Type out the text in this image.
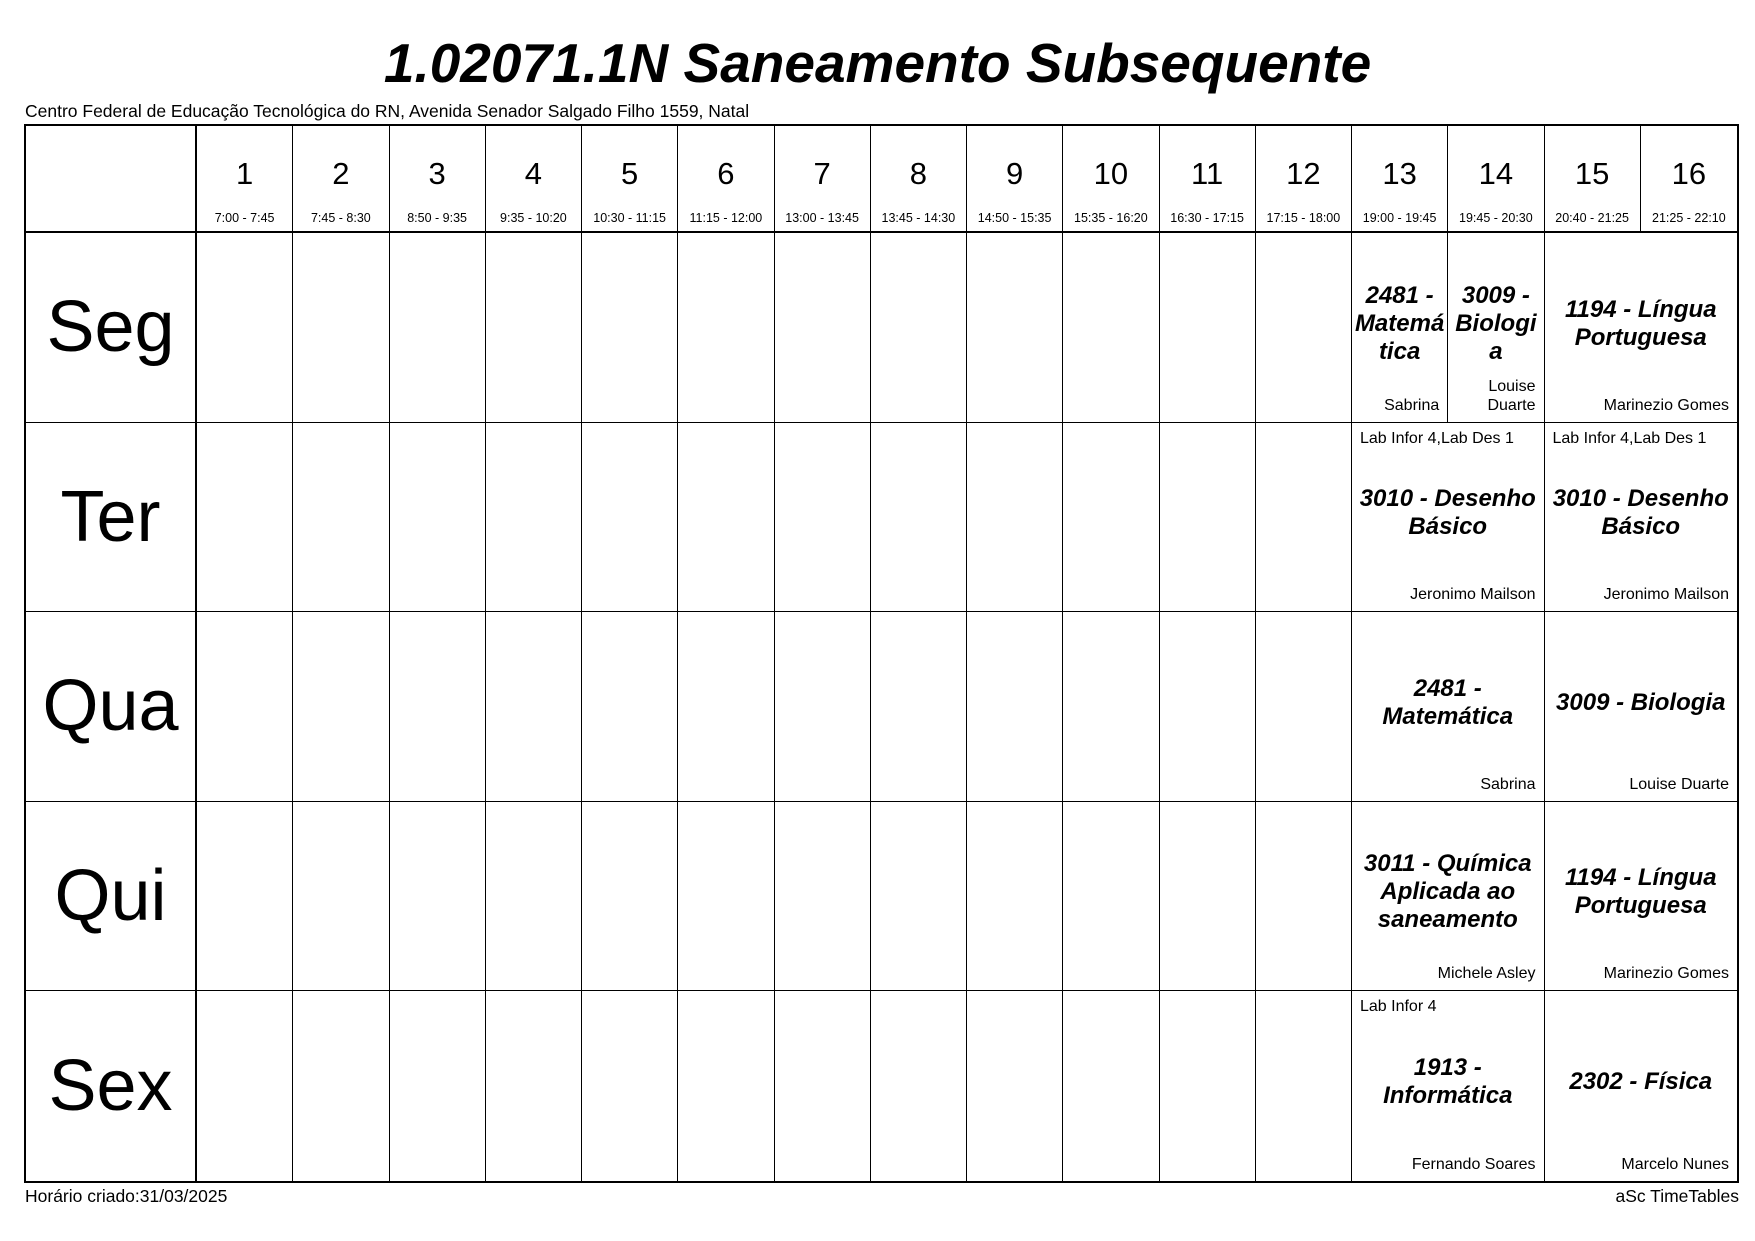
1.02071.1N Saneamento Subsequente
Centro Federal de Educação Tecnológica do RN, Avenida Senador Salgado Filho 1559, Natal
1
7:00 - 7:45
2
7:45 - 8:30
3
8:50 - 9:35
4
9:35 - 10:20
5
10:30 - 11:15
6
11:15 - 12:00
7
13:00 - 13:45
8
13:45 - 14:30
9
14:50 - 15:35
10
15:35 - 16:20
11
16:30 - 17:15
12
17:15 - 18:00
13
19:00 - 19:45
14
19:45 - 20:30
15
20:40 - 21:25
16
21:25 - 22:10
Seg
Ter
Qua
Qui
Sex
2481 - Matemática
Sabrina
3009 - Biologia
Louise Duarte
1194 - Língua Portuguesa
Marinezio Gomes
Lab Infor 4,Lab Des 1
3010 - Desenho Básico
Jeronimo Mailson
Lab Infor 4,Lab Des 1
3010 - Desenho Básico
Jeronimo Mailson
2481 - Matemática
Sabrina
3009 - Biologia
Louise Duarte
3011 - Química Aplicada ao saneamento
Michele Asley
1194 - Língua Portuguesa
Marinezio Gomes
Lab Infor 4
1913 - Informática
Fernando Soares
2302 - Física
Marcelo Nunes
Horário criado:31/03/2025	aSc TimeTables
